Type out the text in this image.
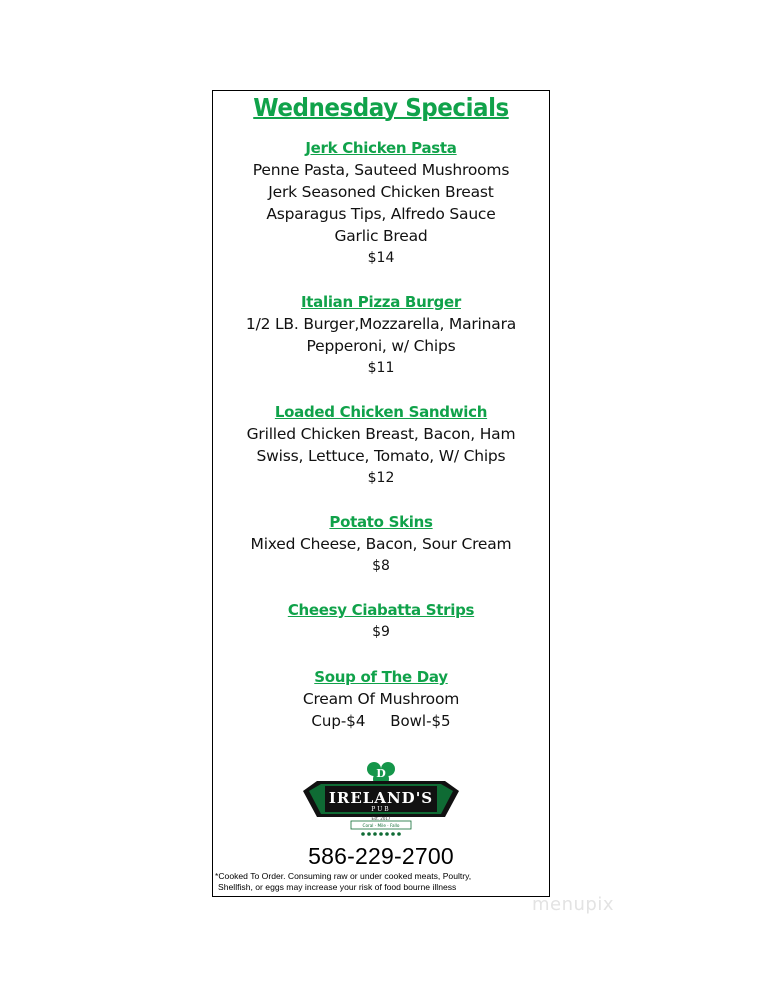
Wednesday Specials
Jerk Chicken Pasta
Penne Pasta, Sauteed Mushrooms
Jerk Seasoned Chicken Breast
Asparagus Tips, Alfredo Sauce
Garlic Bread
$14
Italian Pizza Burger
1/2 LB. Burger,Mozzarella, Marinara
Pepperoni, w/ Chips
$11
Loaded Chicken Sandwich
Grilled Chicken Breast, Bacon, Ham
Swiss, Lettuce, Tomato, W/ Chips
$12
Potato Skins
Mixed Cheese, Bacon, Sour Cream
$8
Cheesy Ciabatta Strips
$9
Soup of The Day
Cream Of Mushroom
Cup-$4 Bowl-$5
D
IRELAND'S
PUB
Est. 2017
Coral · Mile · Fallo
586-229-2700
*Cooked To Order. Consuming raw or under cooked meats, Poultry,
Shellfish, or eggs may increase your risk of food bourne illness
menupix
